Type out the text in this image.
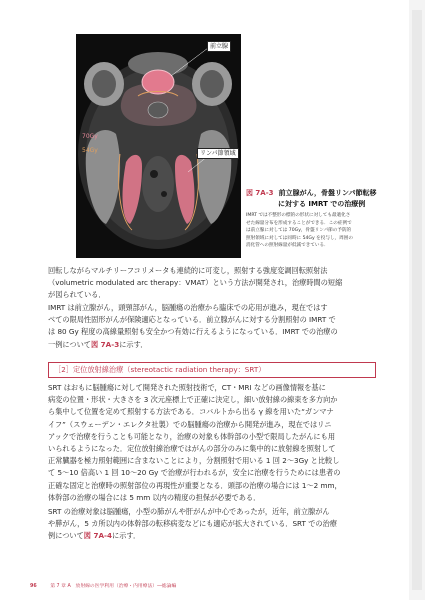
前立腺
リンパ節領域
70Gy
54Gy
図 7A-3 前立腺がん，骨盤リンパ節転移
に対する IMRT での治療例
IMRT では不整形の標的の形状に対しても最適化さ
せた線量分布を形成することができる．この症例で
は前立腺に対しては 70Gy，骨盤リンパ節の予防的
照射領域に対しては同時に 54Gy を投与し，周囲の
消化管への照射線量が低減できている．
回転しながらマルチリーフコリメータも連続的に可変し，照射する強度変調回転照射法
（volumetric modulated arc therapy：VMAT）という方法が開発され，治療時間の短縮
が図られている．
IMRT は前立腺がん，頭頸部がん，脳腫瘍の治療から臨床での応用が進み，現在ではす
べての限局性固形がんが保険適応となっている．前立腺がんに対する分割照射の IMRT で
は 80 Gy 程度の高線量照射も安全かつ有効に行えるようになっている．IMRT での治療の
一例について図 7A-3に示す．
［2］定位放射線治療（stereotactic radiation therapy：SRT）
SRT はおもに脳腫瘍に対して開発された照射技術で，CT・MRI などの画像情報を基に
病変の位置・形状・大きさを 3 次元座標上で正確に決定し，細い放射線の線束を多方向か
ら集中して位置を定めて照射する方法である．コバルトから出る γ 線を用いた“ガンマナ
イフ”（スウェーデン・エレクタ社製）での脳腫瘍の治療から開発が進み，現在ではリニ
アックで治療を行うことも可能となり，治療の対象も体幹部の小型で限局したがんにも用
いられるようになった．定位放射線治療ではがんの部分のみに集中的に放射線を照射して
正常臓器を極力照射範囲に含まないことにより，分割照射で用いる 1 回 2～3Gy と比較し
て 5～10 倍高い 1 回 10～20 Gy で治療が行われるが，安全に治療を行うためには患者の
正確な固定と治療時の照射部位の再現性が重要となる．頭部の治療の場合には 1～2 mm，
体幹部の治療の場合には 5 mm 以内の精度の担保が必要である．
SRT の治療対象は脳腫瘍，小型の肺がんや肝がんが中心であったが，近年，前立腺がん
や膵がん，5 カ所以内の体幹部の転移病変などにも適応が拡大されている．SRT での治療
例について図 7A-4に示す．
96	第 7 章 A　放射線の医学利用（治療・内用療法）―総論編
